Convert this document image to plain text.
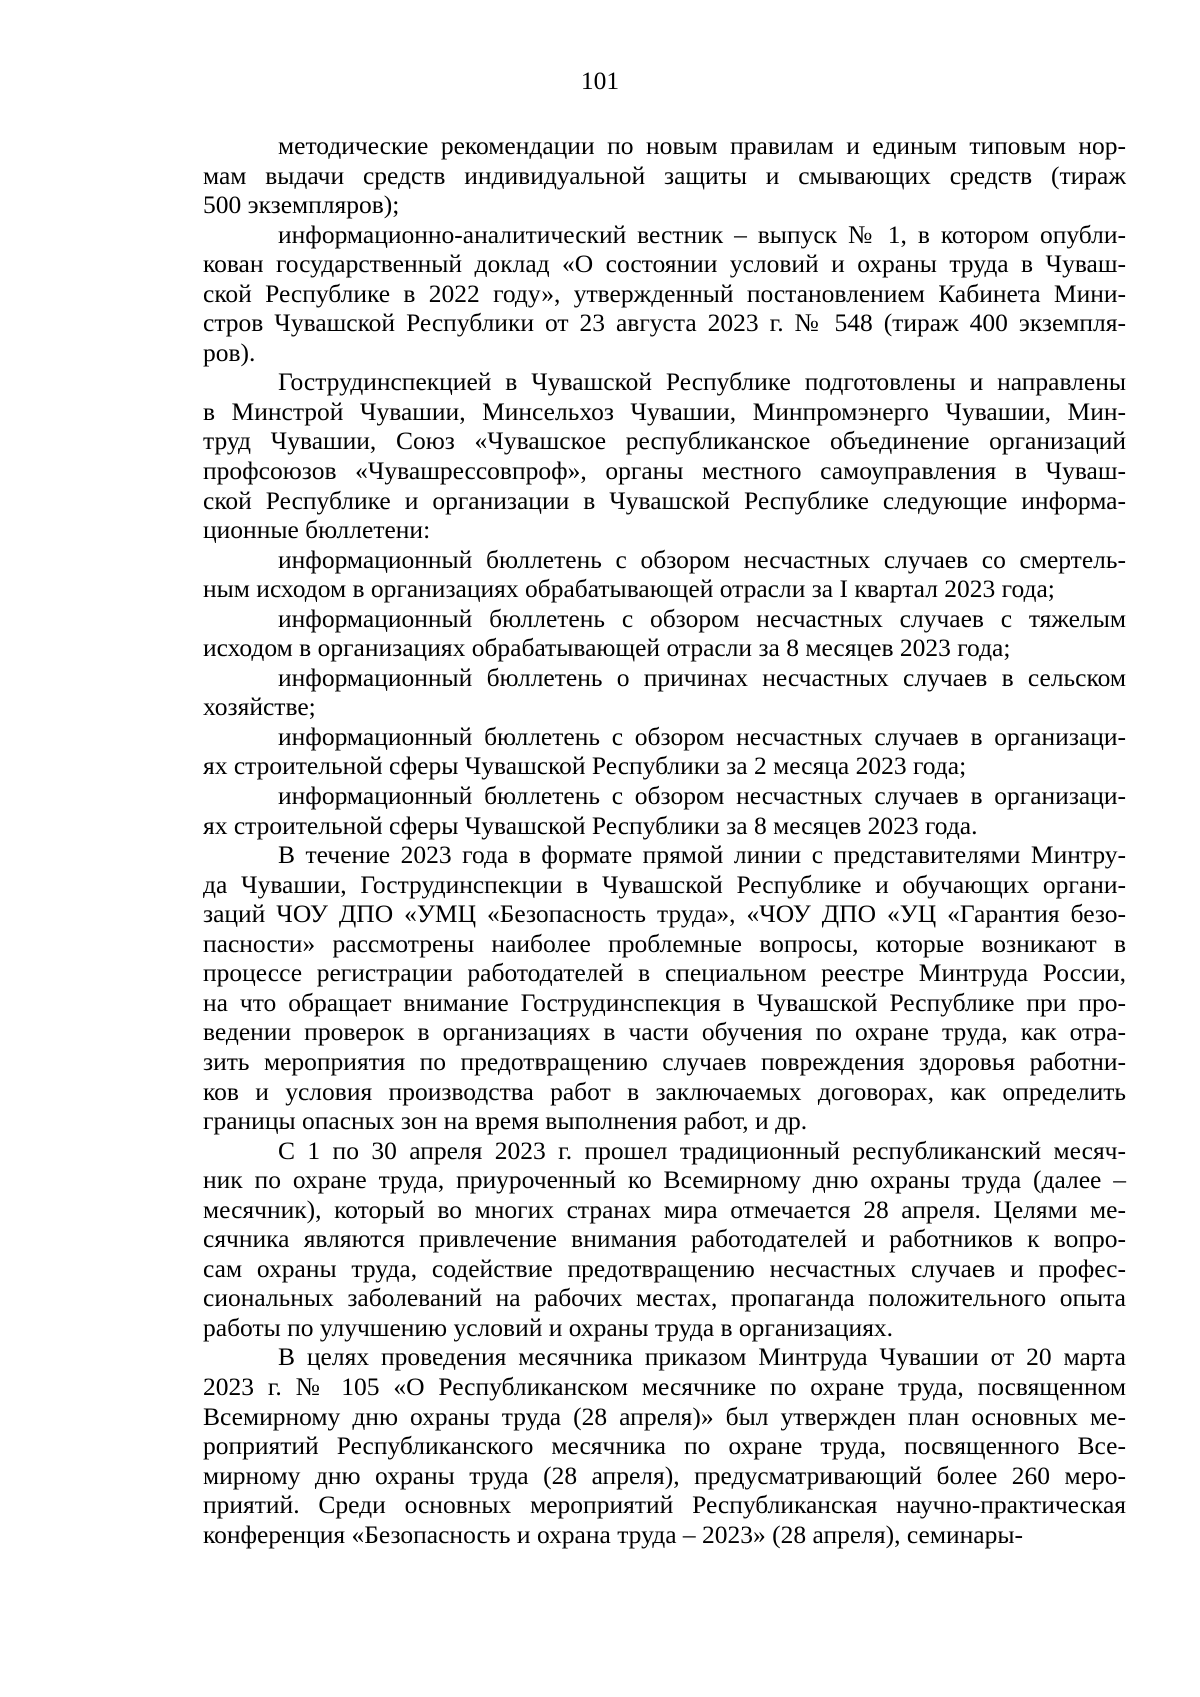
101
методические рекомендации по новым правилам и единым типовым нор-
мам выдачи средств индивидуальной защиты и смывающих средств (тираж
500 экземпляров);
информационно-аналитический вестник – выпуск № 1, в котором опубли-
кован государственный доклад «О состоянии условий и охраны труда в Чуваш-
ской Республике в 2022 году», утвержденный постановлением Кабинета Мини-
стров Чувашской Республики от 23 августа 2023 г. № 548 (тираж 400 экземпля-
ров).
Гострудинспекцией в Чувашской Республике подготовлены и направлены
в Минстрой Чувашии, Минсельхоз Чувашии, Минпромэнерго Чувашии, Мин-
труд Чувашии, Союз «Чувашское республиканское объединение организаций
профсоюзов «Чувашрессовпроф», органы местного самоуправления в Чуваш-
ской Республике и организации в Чувашской Республике следующие информа-
ционные бюллетени:
информационный бюллетень с обзором несчастных случаев со смертель-
ным исходом в организациях обрабатывающей отрасли за I квартал 2023 года;
информационный бюллетень с обзором несчастных случаев с тяжелым
исходом в организациях обрабатывающей отрасли за 8 месяцев 2023 года;
информационный бюллетень о причинах несчастных случаев в сельском
хозяйстве;
информационный бюллетень с обзором несчастных случаев в организаци-
ях строительной сферы Чувашской Республики за 2 месяца 2023 года;
информационный бюллетень с обзором несчастных случаев в организаци-
ях строительной сферы Чувашской Республики за 8 месяцев 2023 года.
В течение 2023 года в формате прямой линии с представителями Минтру-
да Чувашии, Гострудинспекции в Чувашской Республике и обучающих органи-
заций ЧОУ ДПО «УМЦ «Безопасность труда», «ЧОУ ДПО «УЦ «Гарантия безо-
пасности» рассмотрены наиболее проблемные вопросы, которые возникают в
процессе регистрации работодателей в специальном реестре Минтруда России,
на что обращает внимание Гострудинспекция в Чувашской Республике при про-
ведении проверок в организациях в части обучения по охране труда, как отра-
зить мероприятия по предотвращению случаев повреждения здоровья работни-
ков и условия производства работ в заключаемых договорах, как определить
границы опасных зон на время выполнения работ, и др.
С 1 по 30 апреля 2023 г. прошел традиционный республиканский месяч-
ник по охране труда, приуроченный ко Всемирному дню охраны труда (далее –
месячник), который во многих странах мира отмечается 28 апреля. Целями ме-
сячника являются привлечение внимания работодателей и работников к вопро-
сам охраны труда, содействие предотвращению несчастных случаев и профес-
сиональных заболеваний на рабочих местах, пропаганда положительного опыта
работы по улучшению условий и охраны труда в организациях.
В целях проведения месячника приказом Минтруда Чувашии от 20 марта
2023 г. № 105 «О Республиканском месячнике по охране труда, посвященном
Всемирному дню охраны труда (28 апреля)» был утвержден план основных ме-
роприятий Республиканского месячника по охране труда, посвященного Все-
мирному дню охраны труда (28 апреля), предусматривающий более 260 меро-
приятий. Среди основных мероприятий Республиканская научно-практическая
конференция «Безопасность и охрана труда – 2023» (28 апреля), семинары-
